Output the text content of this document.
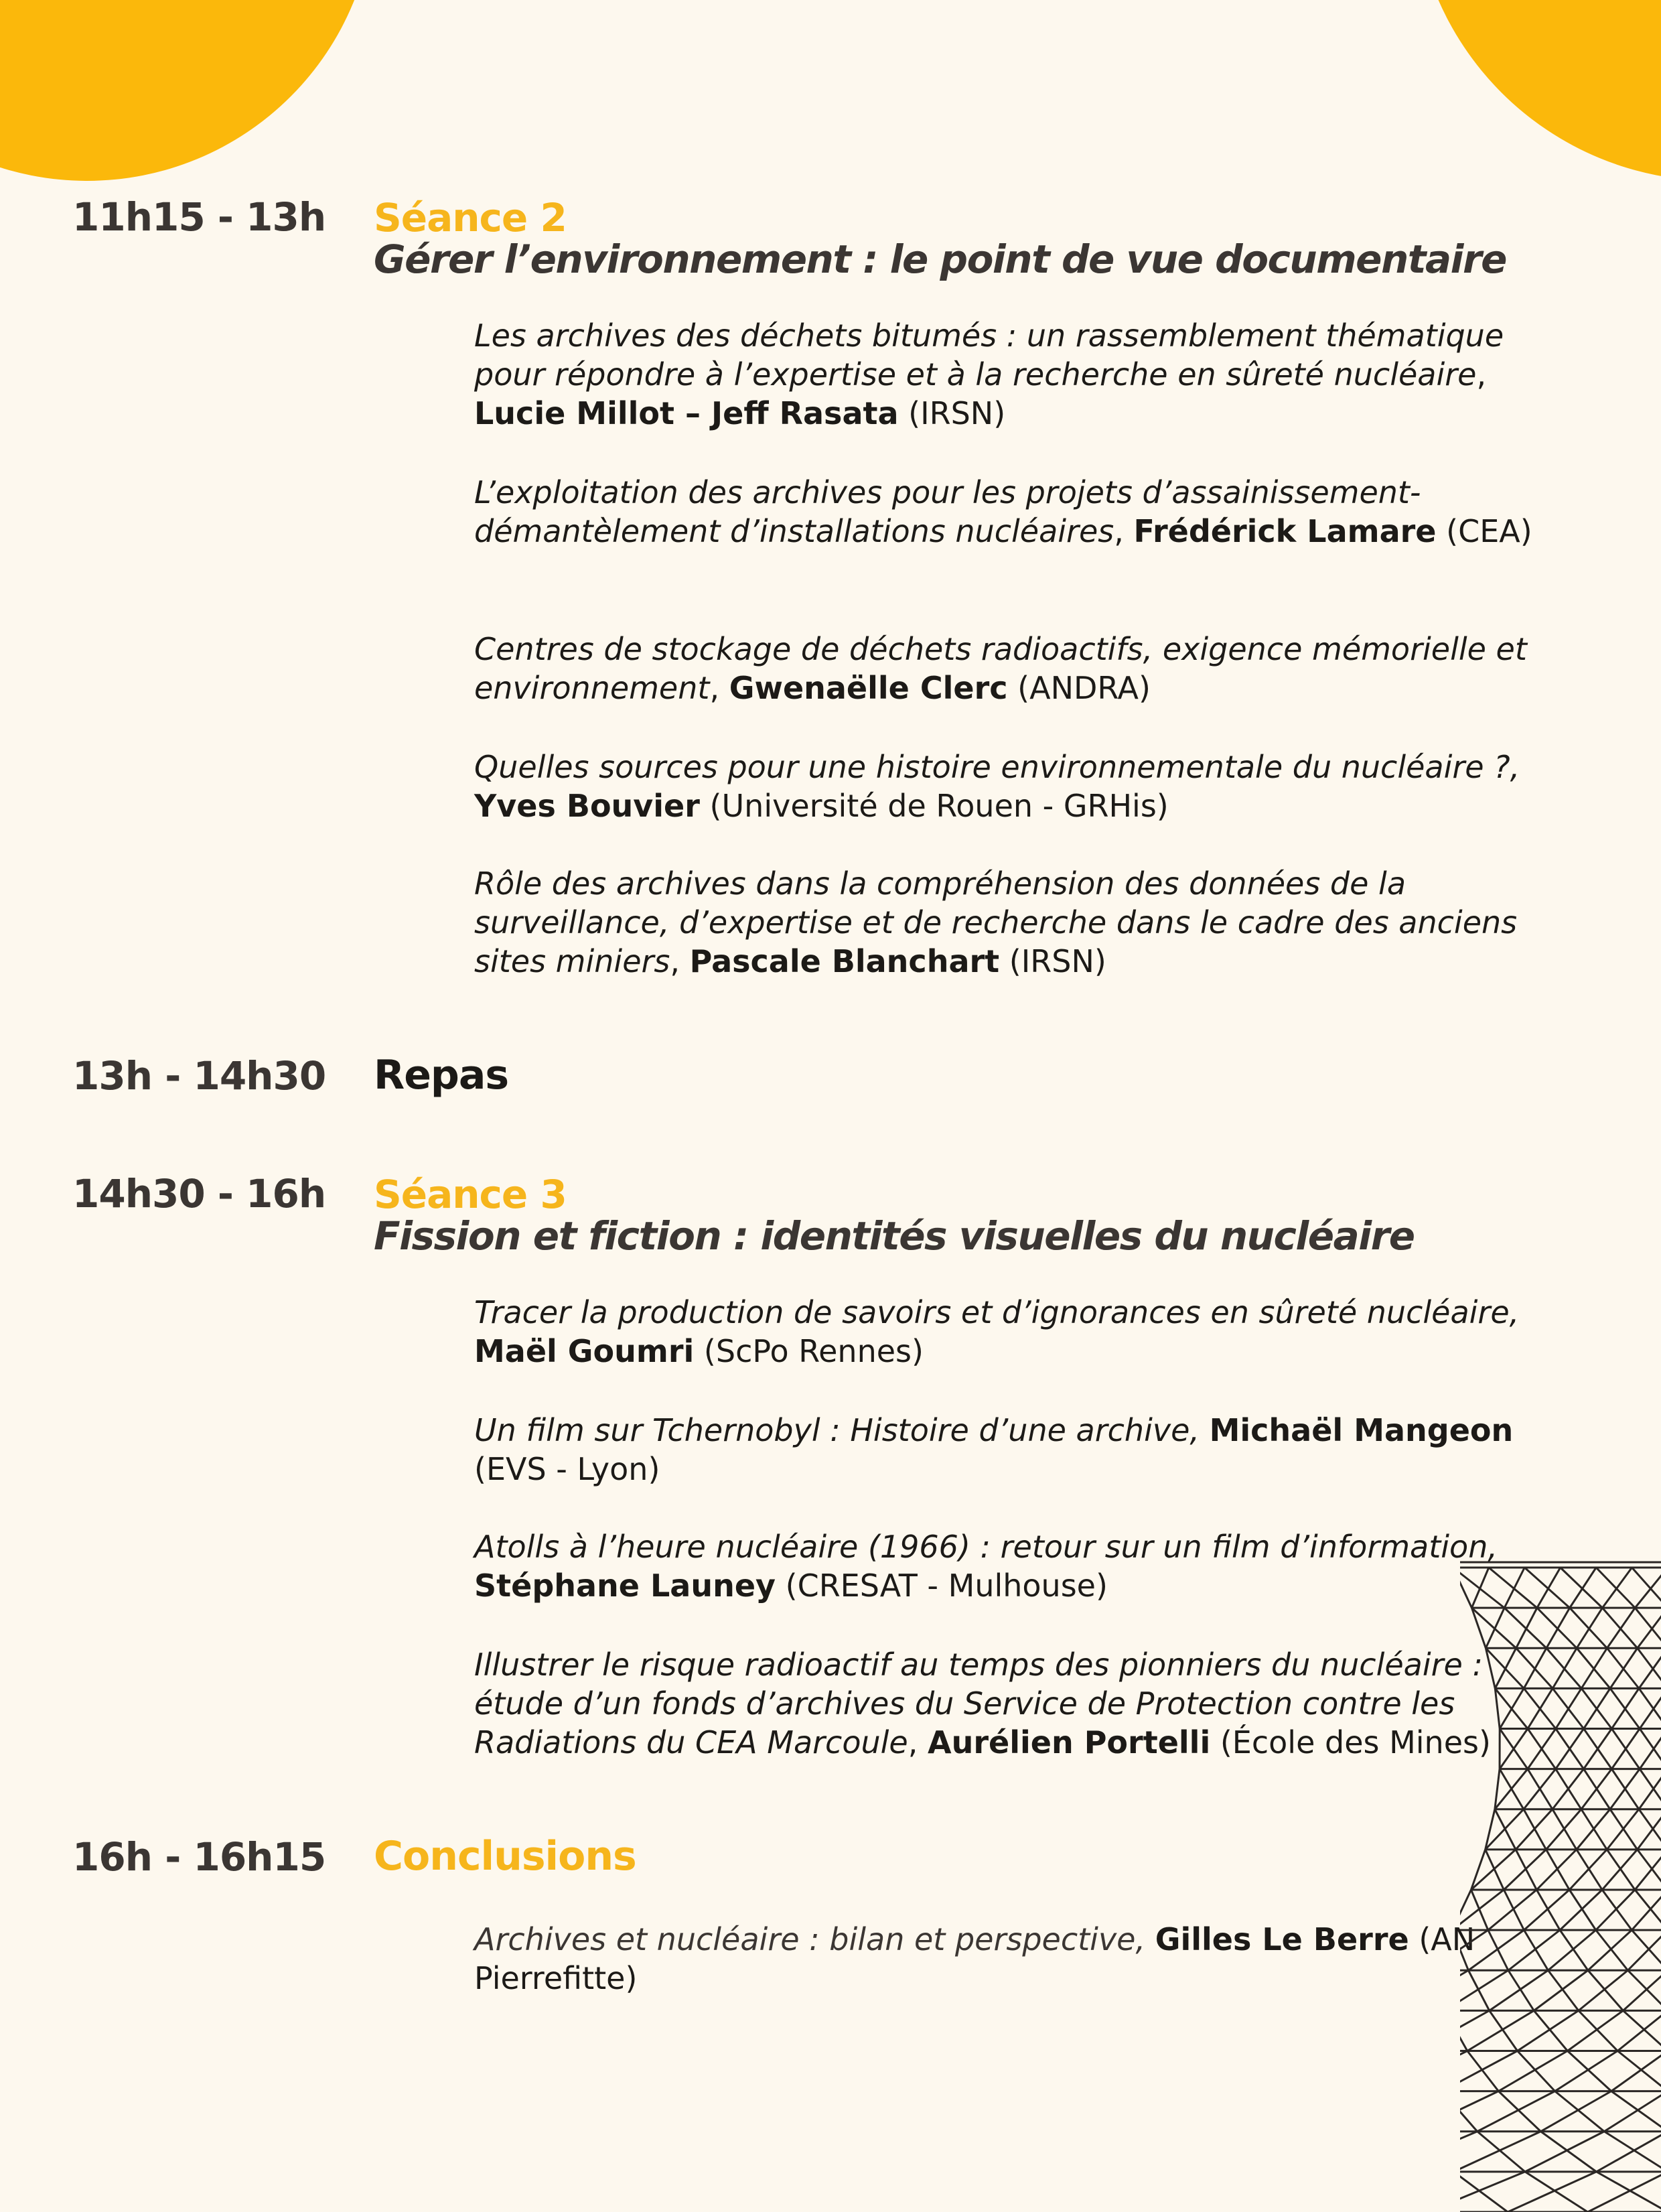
11h15 - 13h Séance 2
Gérer l’environnement : le point de vue documentaire

Les archives des déchets bitumés : un rassemblement thématique pour répondre à l’expertise et à la recherche en sûreté nucléaire, Lucie Millot – Jeff Rasata (IRSN)

L’exploitation des archives pour les projets d’assainissement-démantèlement d’installations nucléaires, Frédérick Lamare (CEA)

Centres de stockage de déchets radioactifs, exigence mémorielle et environnement, Gwenaëlle Clerc (ANDRA)

Quelles sources pour une histoire environnementale du nucléaire ?, Yves Bouvier (Université de Rouen - GRHis)

Rôle des archives dans la compréhension des données de la surveillance, d’expertise et de recherche dans le cadre des anciens sites miniers, Pascale Blanchart (IRSN)

13h - 14h30 Repas
14h30 - 16h Séance 3
Fission et fiction : identités visuelles du nucléaire

Tracer la production de savoirs et d’ignorances en sûreté nucléaire, Maël Goumri (ScPo Rennes)

Un film sur Tchernobyl : Histoire d’une archive, Michaël Mangeon (EVS - Lyon)

Atolls à l’heure nucléaire (1966) : retour sur un film d’information, Stéphane Launey (CRESAT - Mulhouse)

Illustrer le risque radioactif au temps des pionniers du nucléaire : étude d’un fonds d’archives du Service de Protection contre les Radiations du CEA Marcoule, Aurélien Portelli (École des Mines)

16h - 16h15 Conclusions

Archives et nucléaire : bilan et perspective, Gilles Le Berre (AN Pierrefitte)
